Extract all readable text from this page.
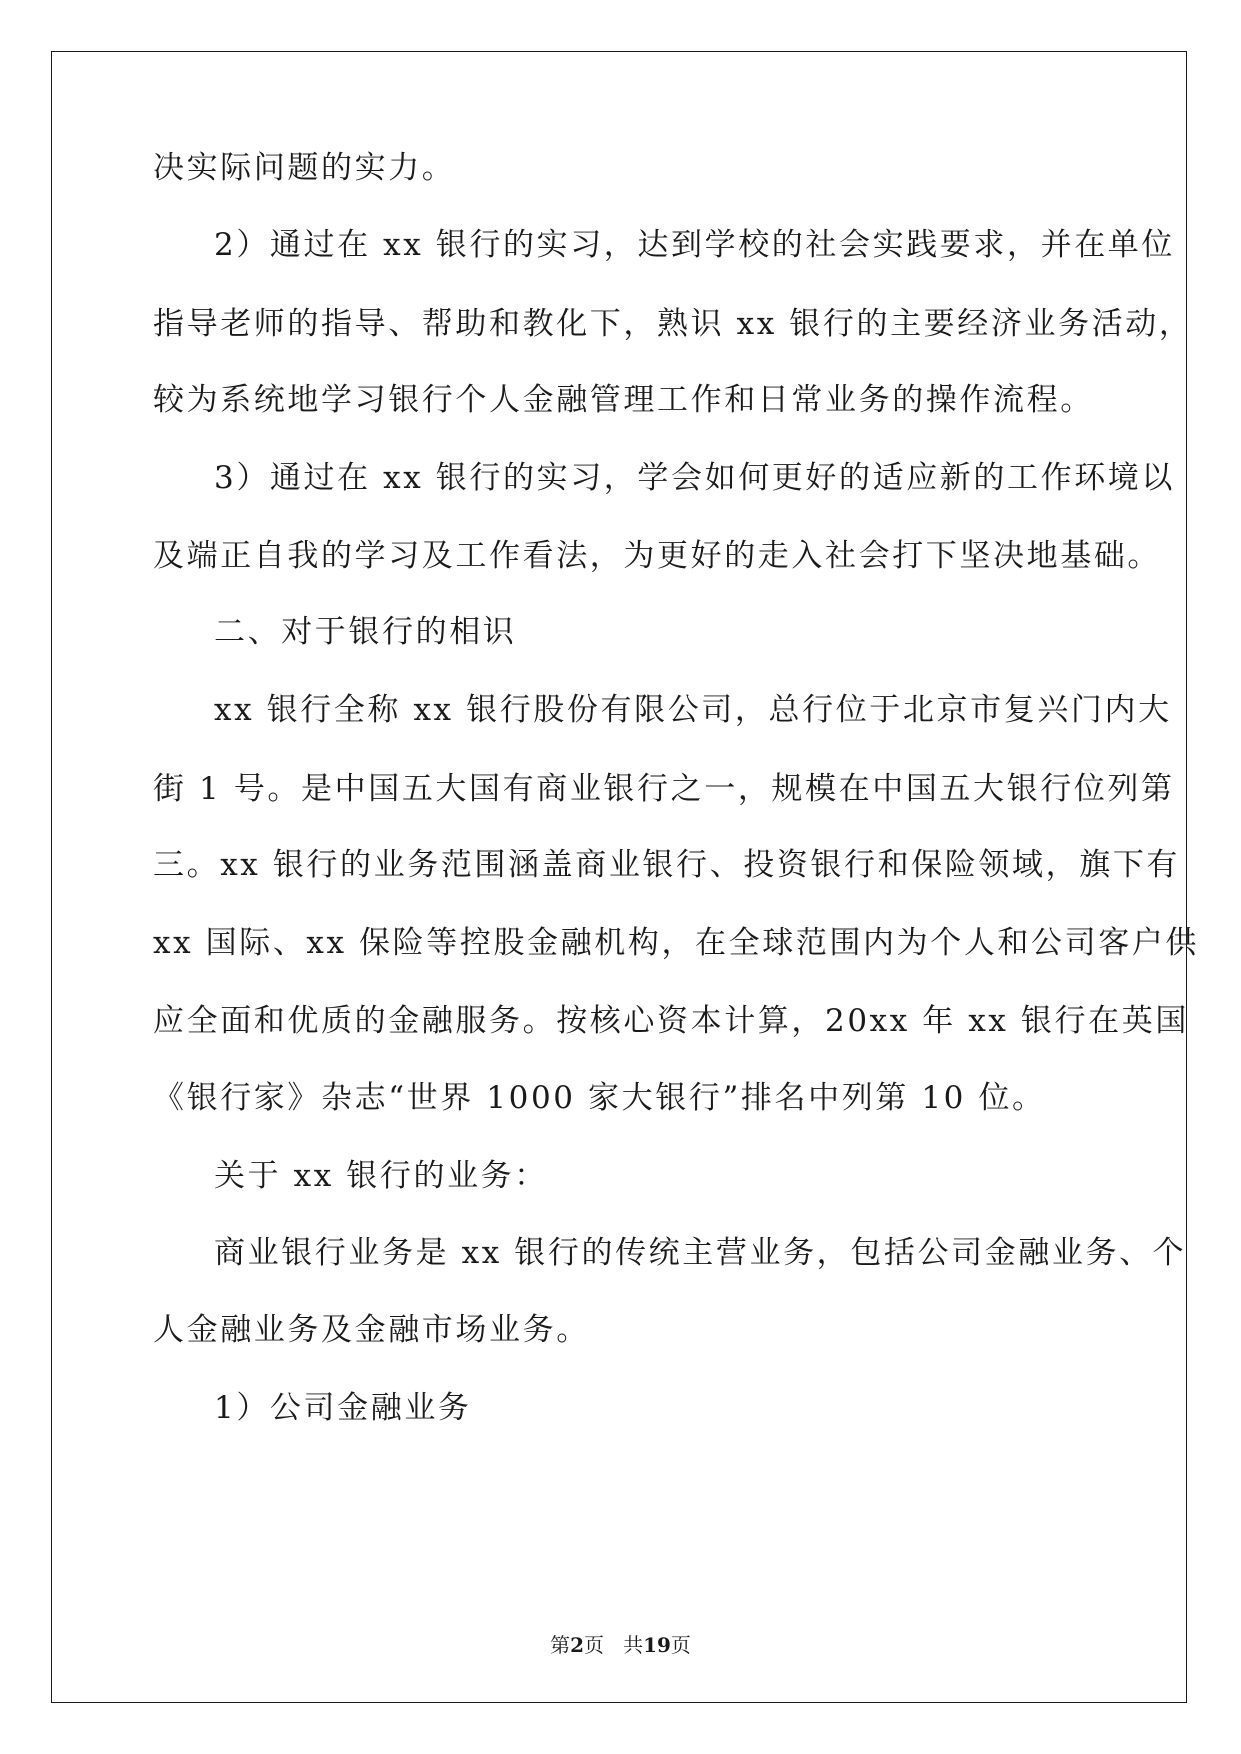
决实际问题的实力。
2）通过在 xx 银行的实习，达到学校的社会实践要求，并在单位
指导老师的指导、帮助和教化下，熟识 xx 银行的主要经济业务活动，
较为系统地学习银行个人金融管理工作和日常业务的操作流程。
3）通过在 xx 银行的实习，学会如何更好的适应新的工作环境以
及端正自我的学习及工作看法，为更好的走入社会打下坚决地基础。
二、对于银行的相识
xx 银行全称 xx 银行股份有限公司，总行位于北京市复兴门内大
街 1 号。是中国五大国有商业银行之一，规模在中国五大银行位列第
三。xx 银行的业务范围涵盖商业银行、投资银行和保险领域，旗下有
xx 国际、xx 保险等控股金融机构，在全球范围内为个人和公司客户供
应全面和优质的金融服务。按核心资本计算，20xx 年 xx 银行在英国
《银行家》杂志“世界 1000 家大银行”排名中列第 10 位。
关于 xx 银行的业务：
商业银行业务是 xx 银行的传统主营业务，包括公司金融业务、个
人金融业务及金融市场业务。
1）公司金融业务
第2页 共19页
